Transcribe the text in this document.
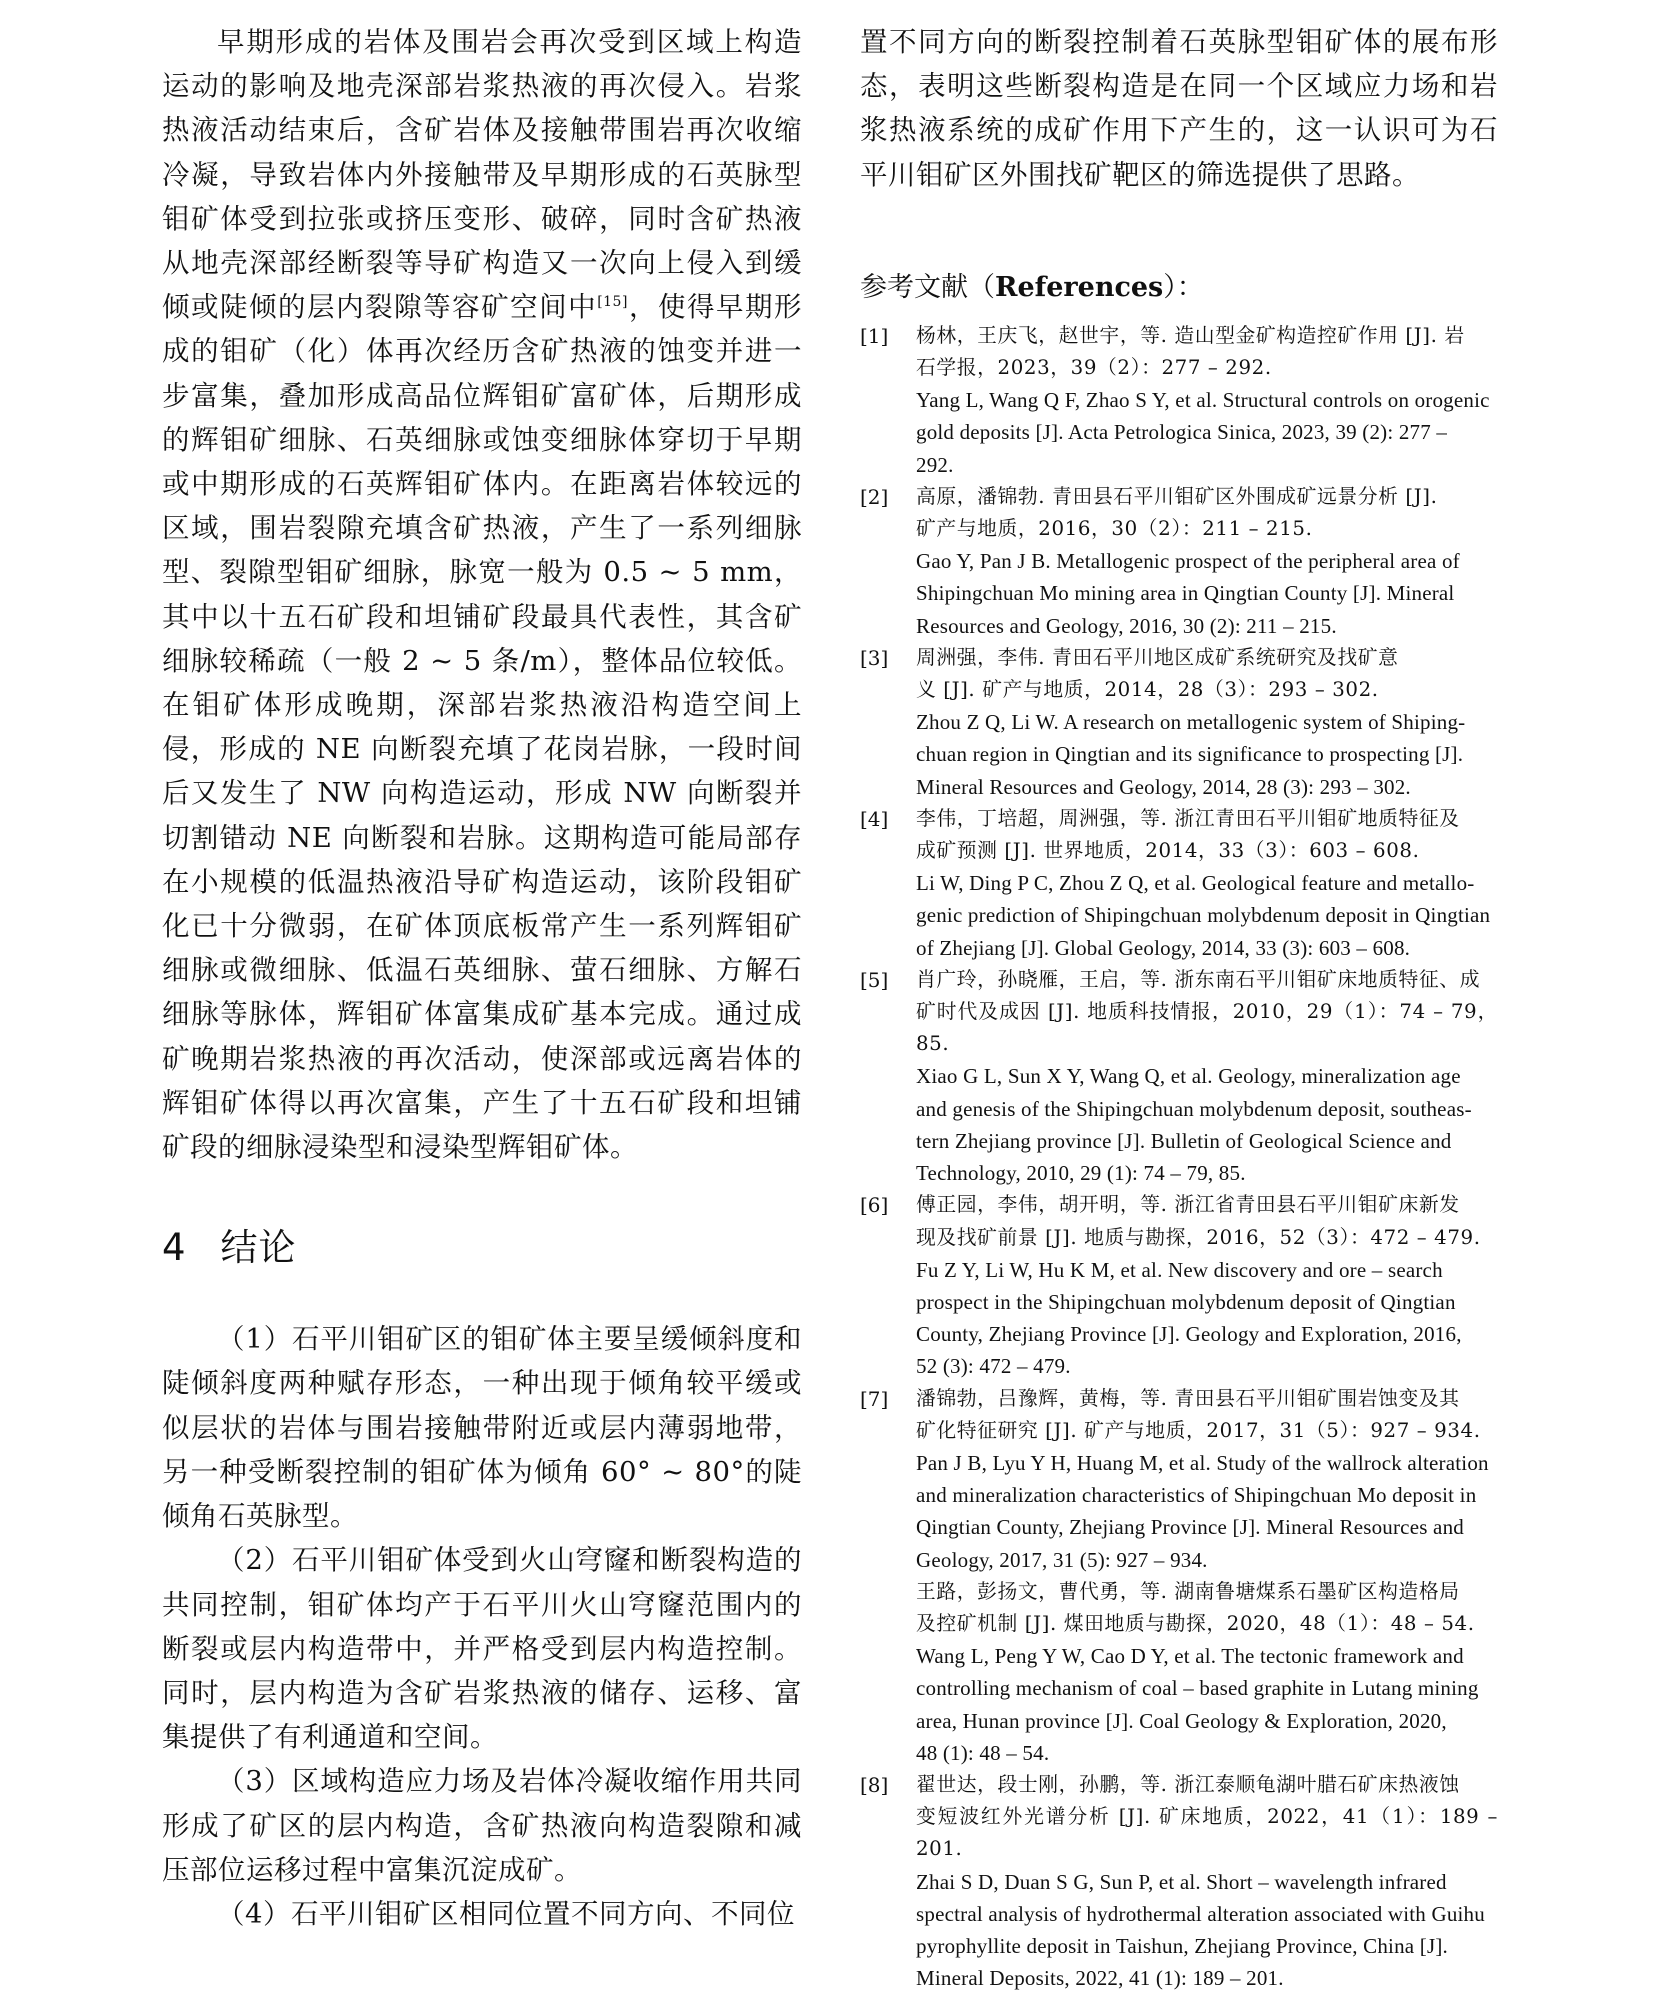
早期形成的岩体及围岩会再次受到区域上构造运动的影响及地壳深部岩浆热液的再次侵入。岩浆热液活动结束后，含矿岩体及接触带围岩再次收缩冷凝，导致岩体内外接触带及早期形成的石英脉型钼矿体受到拉张或挤压变形、破碎，同时含矿热液从地壳深部经断裂等导矿构造又一次向上侵入到缓倾或陡倾的层内裂隙等容矿空间中[15]，使得早期形成的钼矿（化）体再次经历含矿热液的蚀变并进一步富集，叠加形成高品位辉钼矿富矿体，后期形成的辉钼矿细脉、石英细脉或蚀变细脉体穿切于早期或中期形成的石英辉钼矿体内。在距离岩体较远的区域，围岩裂隙充填含矿热液，产生了一系列细脉型、裂隙型钼矿细脉，脉宽一般为 0.5 ~ 5 mm，其中以十五石矿段和坦铺矿段最具代表性，其含矿细脉较稀疏（一般 2 ~ 5 条/m），整体品位较低。在钼矿体形成晚期，深部岩浆热液沿构造空间上侵，形成的 NE 向断裂充填了花岗岩脉，一段时间后又发生了 NW 向构造运动，形成 NW 向断裂并切割错动 NE 向断裂和岩脉。这期构造可能局部存在小规模的低温热液沿导矿构造运动，该阶段钼矿化已十分微弱，在矿体顶底板常产生一系列辉钼矿细脉或微细脉、低温石英细脉、萤石细脉、方解石细脉等脉体，辉钼矿体富集成矿基本完成。通过成矿晚期岩浆热液的再次活动，使深部或远离岩体的辉钼矿体得以再次富集，产生了十五石矿段和坦铺矿段的细脉浸染型和浸染型辉钼矿体。

4 结论

（1）石平川钼矿区的钼矿体主要呈缓倾斜度和陡倾斜度两种赋存形态，一种出现于倾角较平缓或似层状的岩体与围岩接触带附近或层内薄弱地带，另一种受断裂控制的钼矿体为倾角 60° ~ 80°的陡倾角石英脉型。

（2）石平川钼矿体受到火山穹窿和断裂构造的共同控制，钼矿体均产于石平川火山穹窿范围内的断裂或层内构造带中，并严格受到层内构造控制。同时，层内构造为含矿岩浆热液的储存、运移、富集提供了有利通道和空间。

（3）区域构造应力场及岩体冷凝收缩作用共同形成了矿区的层内构造，含矿热液向构造裂隙和减压部位运移过程中富集沉淀成矿。

（4）石平川钼矿区相同位置不同方向、不同位

置不同方向的断裂控制着石英脉型钼矿体的展布形态，表明这些断裂构造是在同一个区域应力场和岩浆热液系统的成矿作用下产生的，这一认识可为石平川钼矿区外围找矿靶区的筛选提供了思路。

参考文献（References）：
[1]	杨林，王庆飞，赵世宇，等. 造山型金矿构造控矿作用 [J]. 岩
石学报，2023，39（2）：277 – 292.
Yang L, Wang Q F, Zhao S Y, et al. Structural controls on orogenic
gold deposits [J]. Acta Petrologica Sinica, 2023, 39 (2): 277 –
292.
[2]	高原，潘锦勃. 青田县石平川钼矿区外围成矿远景分析 [J].
矿产与地质，2016，30（2）：211 – 215.
Gao Y, Pan J B. Metallogenic prospect of the peripheral area of
Shipingchuan Mo mining area in Qingtian County [J]. Mineral
Resources and Geology, 2016, 30 (2): 211 – 215.
[3]	周洲强，李伟. 青田石平川地区成矿系统研究及找矿意
义 [J]. 矿产与地质，2014，28（3）：293 – 302.
Zhou Z Q, Li W. A research on metallogenic system of Shiping-
chuan region in Qingtian and its significance to prospecting [J].
Mineral Resources and Geology, 2014, 28 (3): 293 – 302.
[4]	李伟，丁培超，周洲强，等. 浙江青田石平川钼矿地质特征及
成矿预测 [J]. 世界地质，2014，33（3）：603 – 608.
Li W, Ding P C, Zhou Z Q, et al. Geological feature and metallo-
genic prediction of Shipingchuan molybdenum deposit in Qingtian
of Zhejiang [J]. Global Geology, 2014, 33 (3): 603 – 608.
[5]	肖广玲，孙晓雁，王启，等. 浙东南石平川钼矿床地质特征、成
矿时代及成因 [J]. 地质科技情报，2010，29（1）：74 – 79，85.
Xiao G L, Sun X Y, Wang Q, et al. Geology, mineralization age
and genesis of the Shipingchuan molybdenum deposit, southeas-
tern Zhejiang province [J]. Bulletin of Geological Science and
Technology, 2010, 29 (1): 74 – 79, 85.
[6]	傅正园，李伟，胡开明，等. 浙江省青田县石平川钼矿床新发
现及找矿前景 [J]. 地质与勘探，2016，52（3）：472 – 479.
Fu Z Y, Li W, Hu K M, et al. New discovery and ore – search
prospect in the Shipingchuan molybdenum deposit of Qingtian
County, Zhejiang Province [J]. Geology and Exploration, 2016,
52 (3): 472 – 479.
[7]	潘锦勃，吕豫辉，黄梅，等. 青田县石平川钼矿围岩蚀变及其
矿化特征研究 [J]. 矿产与地质，2017，31（5）：927 – 934.
Pan J B, Lyu Y H, Huang M, et al. Study of the wallrock alteration
and mineralization characteristics of Shipingchuan Mo deposit in
Qingtian County, Zhejiang Province [J]. Mineral Resources and
Geology, 2017, 31 (5): 927 – 934.
王路，彭扬文，曹代勇，等. 湖南鲁塘煤系石墨矿区构造格局
及控矿机制 [J]. 煤田地质与勘探，2020，48（1）：48 – 54.
Wang L, Peng Y W, Cao D Y, et al. The tectonic framework and
controlling mechanism of coal – based graphite in Lutang mining
area, Hunan province [J]. Coal Geology & Exploration, 2020,
48 (1): 48 – 54.
[8]	翟世达，段士刚，孙鹏，等. 浙江泰顺龟湖叶腊石矿床热液蚀
变短波红外光谱分析 [J]. 矿床地质，2022，41（1）：189 – 201.
Zhai S D, Duan S G, Sun P, et al. Short – wavelength infrared
spectral analysis of hydrothermal alteration associated with Guihu
pyrophyllite deposit in Taishun, Zhejiang Province, China [J].
Mineral Deposits, 2022, 41 (1): 189 – 201.
